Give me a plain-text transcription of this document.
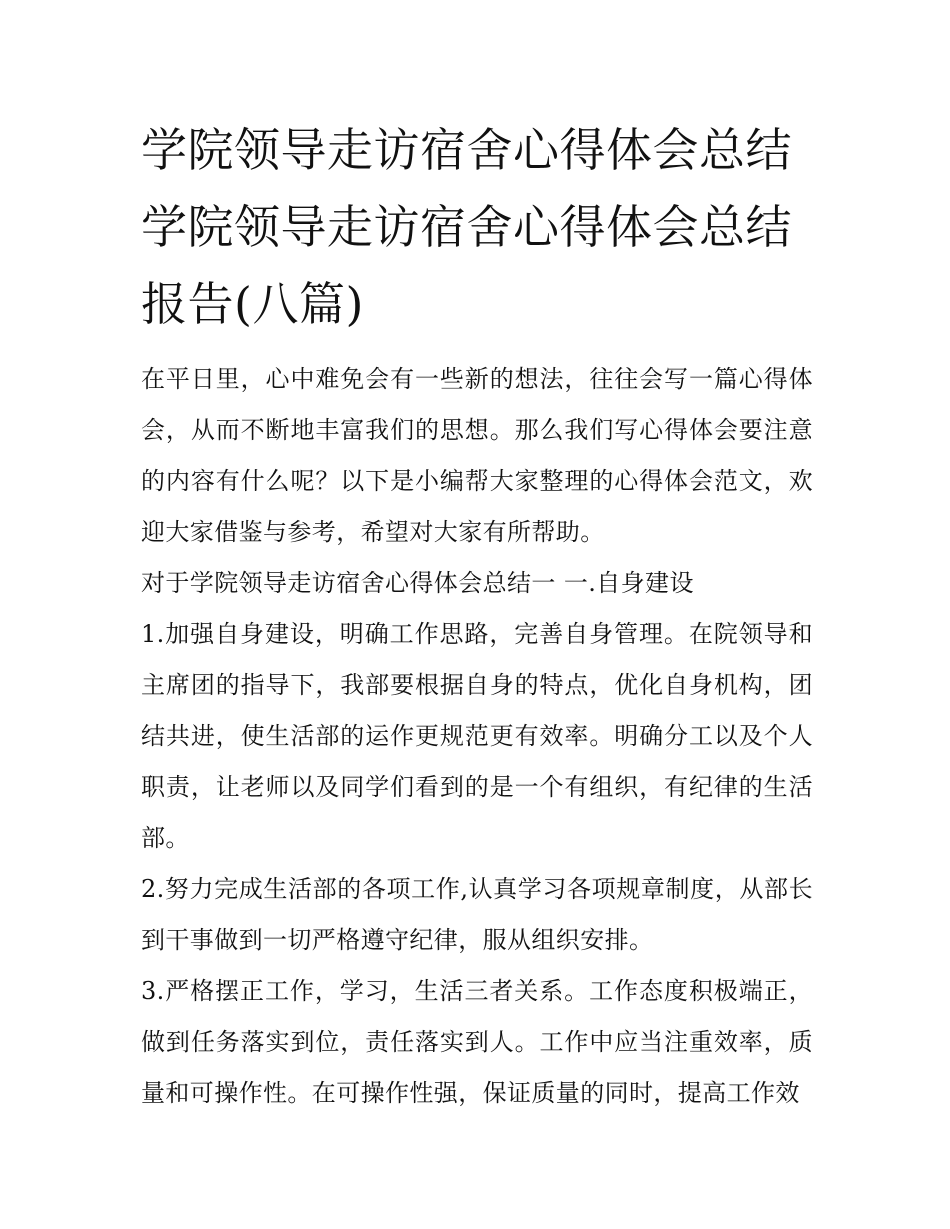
学院领导走访宿舍心得体会总结 学院领导走访宿舍心得体会总结报告(八篇)

在平日里，心中难免会有一些新的想法，往往会写一篇心得体会，从而不断地丰富我们的思想。那么我们写心得体会要注意的内容有什么呢？以下是小编帮大家整理的心得体会范文，欢迎大家借鉴与参考，希望对大家有所帮助。

对于学院领导走访宿舍心得体会总结一 一.自身建设

1.加强自身建设，明确工作思路，完善自身管理。在院领导和主席团的指导下，我部要根据自身的特点，优化自身机构，团结共进，使生活部的运作更规范更有效率。明确分工以及个人职责，让老师以及同学们看到的是一个有组织，有纪律的生活部。

2.努力完成生活部的各项工作,认真学习各项规章制度，从部长到干事做到一切严格遵守纪律，服从组织安排。

3.严格摆正工作，学习，生活三者关系。工作态度积极端正，做到任务落实到位，责任落实到人。工作中应当注重效率，质量和可操作性。在可操作性强，保证质量的同时，提高工作效
